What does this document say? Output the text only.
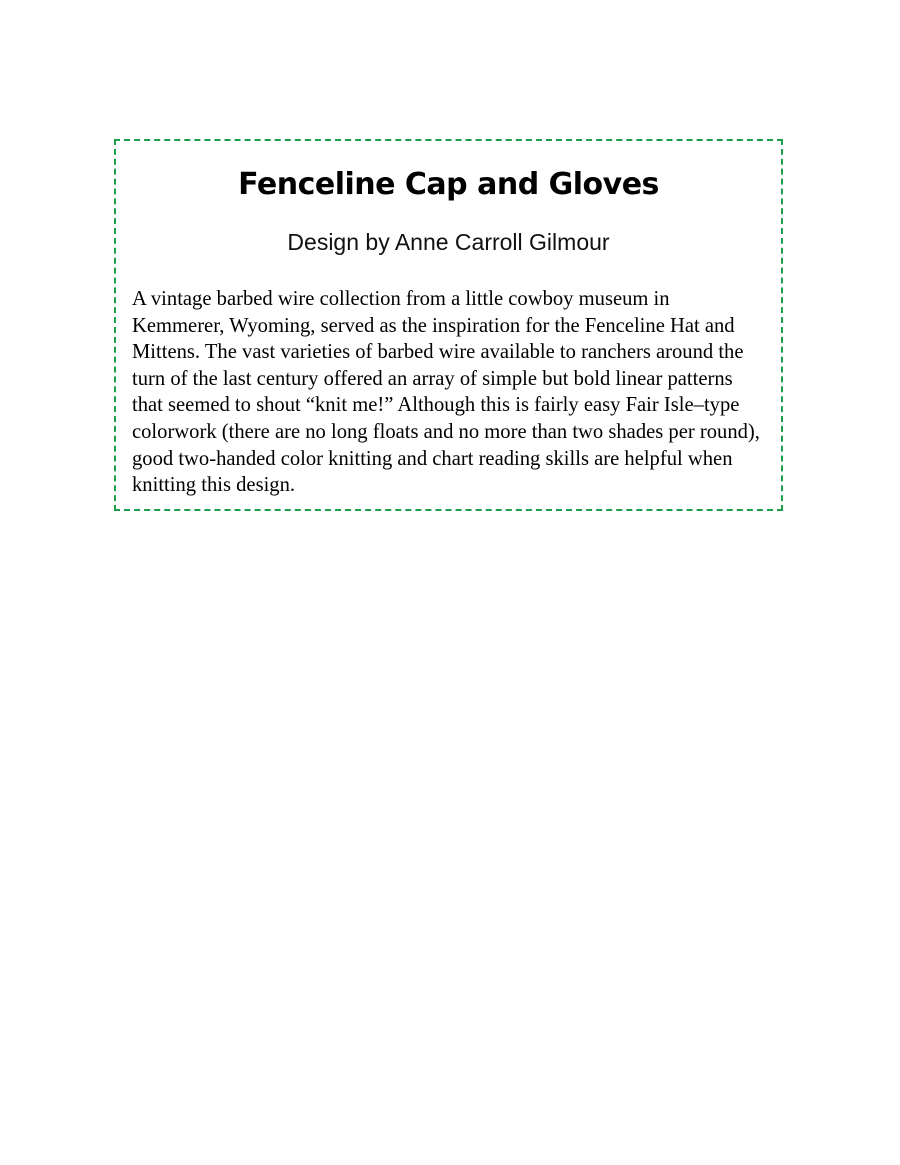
Fenceline Cap and Gloves

Design by Anne Carroll Gilmour

A vintage barbed wire collection from a little cowboy museum in Kemmerer, Wyoming, served as the inspiration for the Fenceline Hat and Mittens. The vast varieties of barbed wire available to ranchers around the turn of the last century offered an array of simple but bold linear patterns that seemed to shout “knit me!” Although this is fairly easy Fair Isle–type colorwork (there are no long floats and no more than two shades per round), good two-handed color knitting and chart reading skills are helpful when knitting this design.
